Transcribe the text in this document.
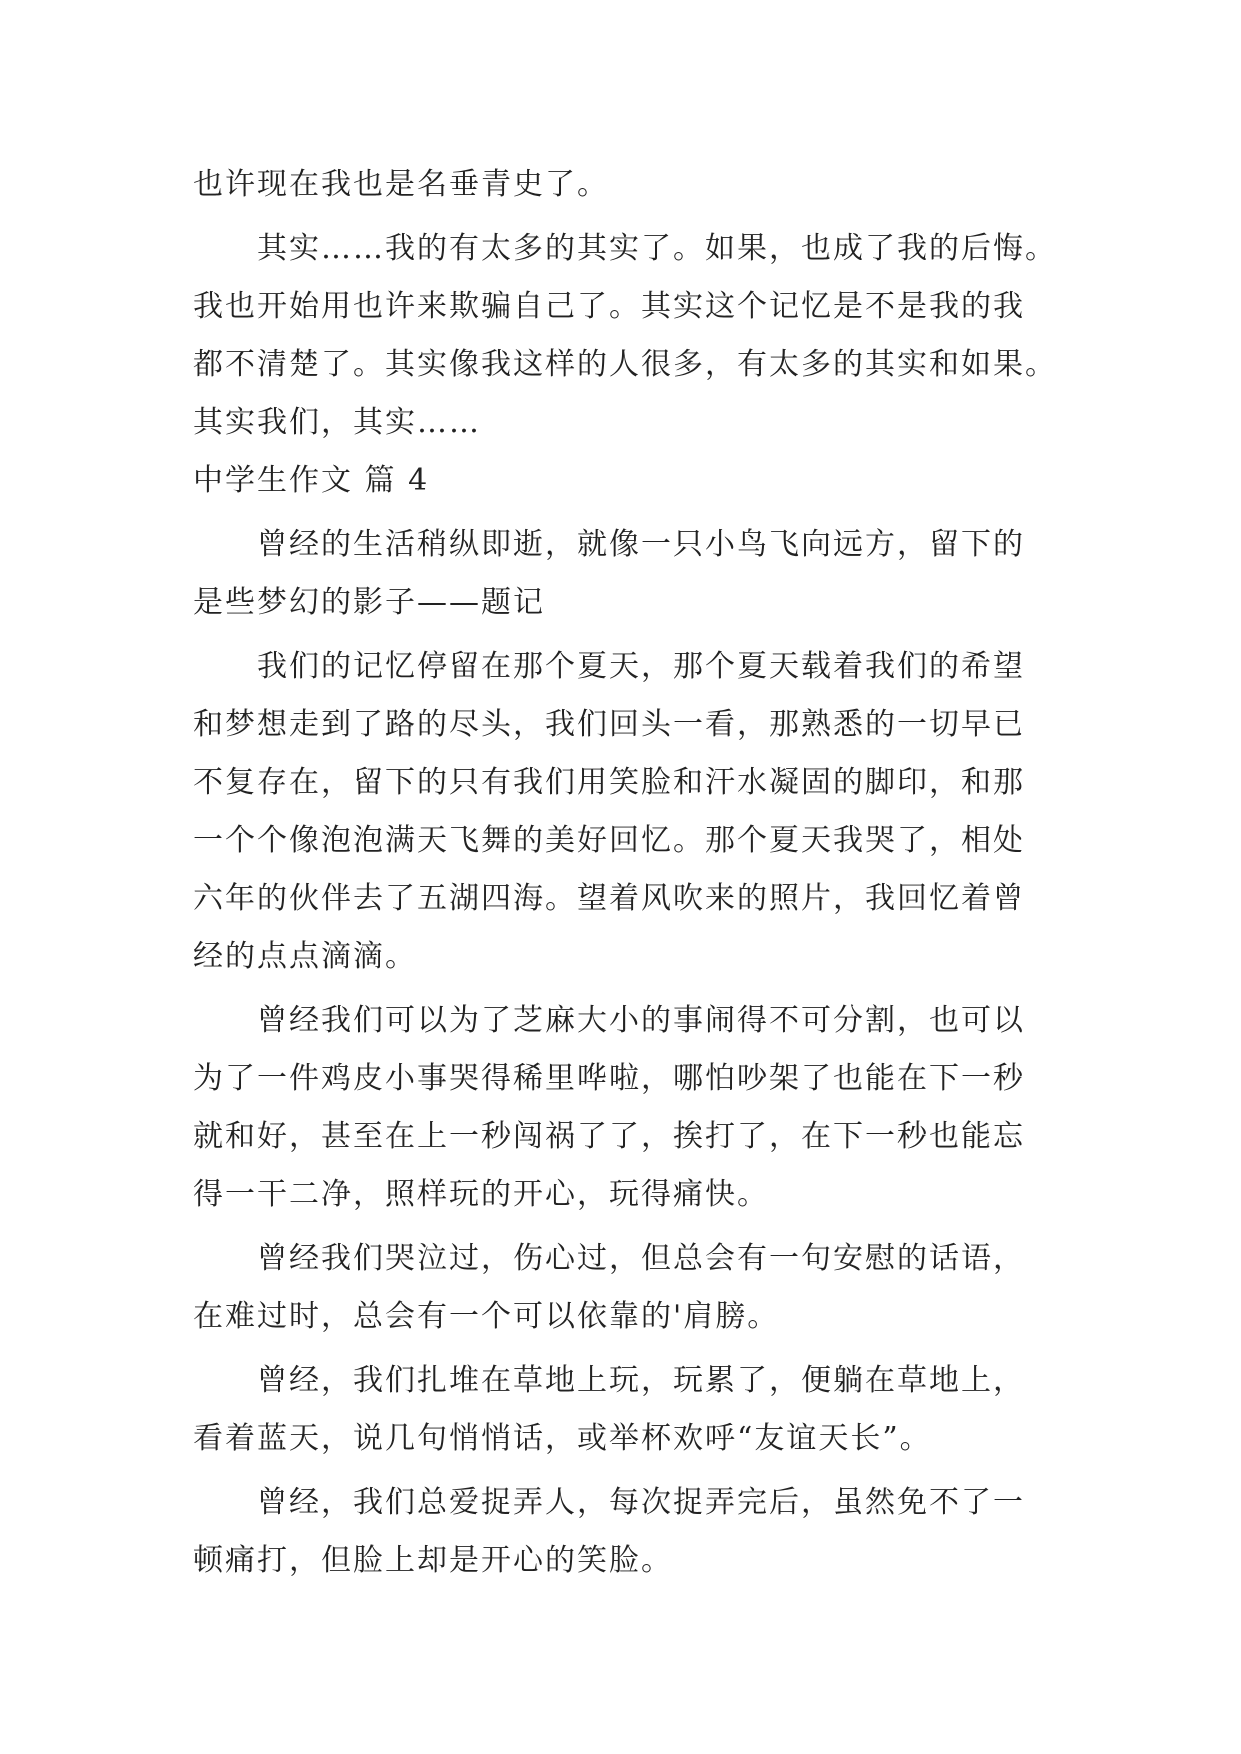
也许现在我也是名垂青史了。
其实……我的有太多的其实了。如果，也成了我的后悔。
我也开始用也许来欺骗自己了。其实这个记忆是不是我的我
都不清楚了。其实像我这样的人很多，有太多的其实和如果。
其实我们，其实……
中学生作文 篇 4
曾经的生活稍纵即逝，就像一只小鸟飞向远方，留下的
是些梦幻的影子——题记
我们的记忆停留在那个夏天，那个夏天载着我们的希望
和梦想走到了路的尽头，我们回头一看，那熟悉的一切早已
不复存在，留下的只有我们用笑脸和汗水凝固的脚印，和那
一个个像泡泡满天飞舞的美好回忆。那个夏天我哭了，相处
六年的伙伴去了五湖四海。望着风吹来的照片，我回忆着曾
经的点点滴滴。
曾经我们可以为了芝麻大小的事闹得不可分割，也可以
为了一件鸡皮小事哭得稀里哗啦，哪怕吵架了也能在下一秒
就和好，甚至在上一秒闯祸了了，挨打了，在下一秒也能忘
得一干二净，照样玩的开心，玩得痛快。
曾经我们哭泣过，伤心过，但总会有一句安慰的话语，
在难过时，总会有一个可以依靠的'肩膀。
曾经，我们扎堆在草地上玩，玩累了，便躺在草地上，
看着蓝天，说几句悄悄话，或举杯欢呼“友谊天长”。
曾经，我们总爱捉弄人，每次捉弄完后，虽然免不了一
顿痛打，但脸上却是开心的笑脸。
